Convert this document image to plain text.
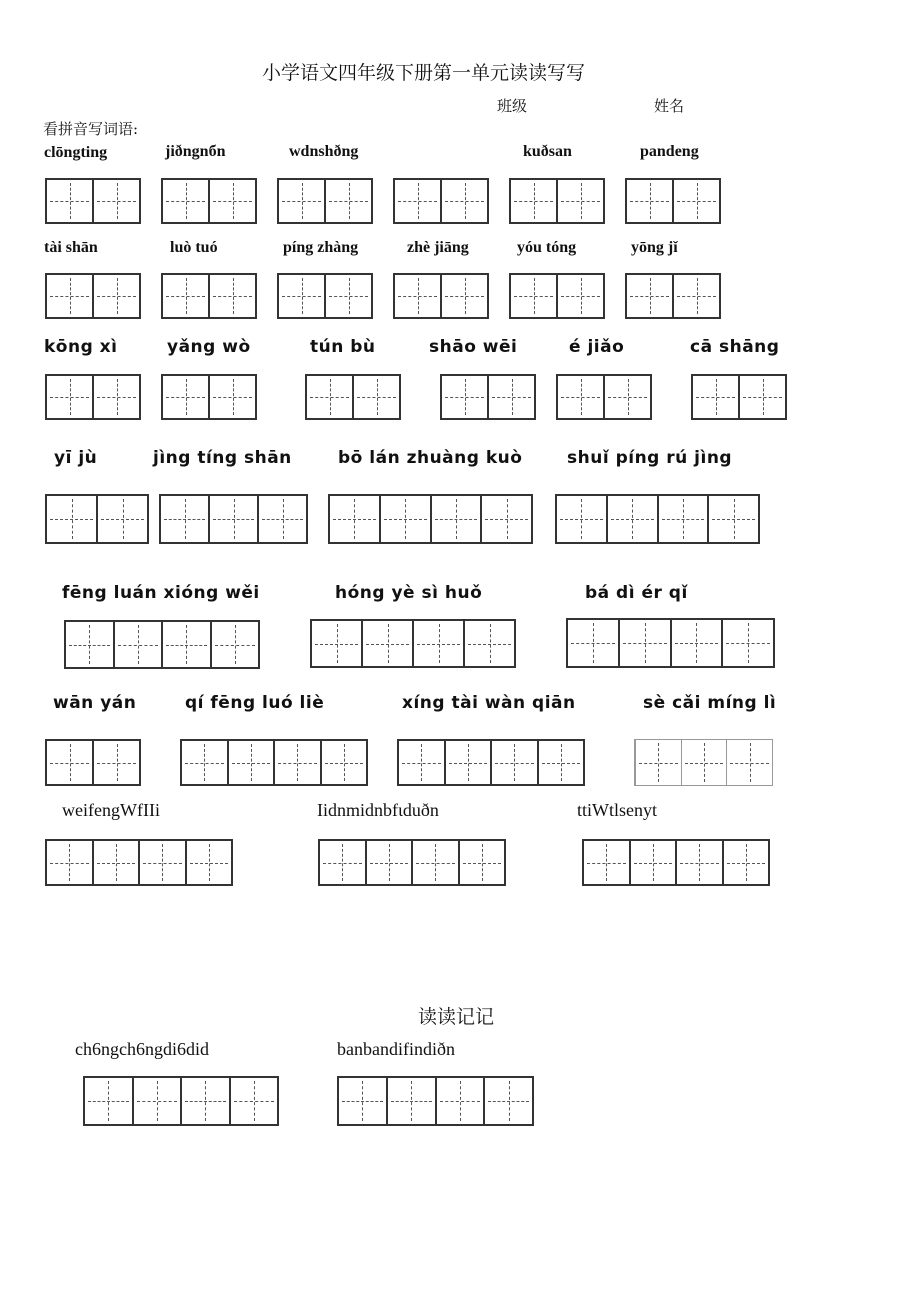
小学语文四年级下册第一单元读读写写
班级	姓名
看拼音写词语:
clōngting	jiðngnбn	wdnshðng	kuðsan	pandeng
tài shān	luò tuó	píng zhàng	zhè jiāng	yóu tóng	yōng jǐ
kōng xì	yǎng wò	tún bù	shāo wēi	é jiǎo	cā shāng
yī jù	jìng tíng shān	bō lán zhuàng kuò	shuǐ píng rú jìng
fēng luán xióng wěi	hóng yè sì huǒ	bá dì ér qǐ
wān yán	qí fēng luó liè	xíng tài wàn qiān	sè cǎi míng lì
weifengWfIIi	Iidnmidnbfιduðn	ttiWtlsenyt
读读记记
ch6ngch6ngdi6did	banbandifindiðn
